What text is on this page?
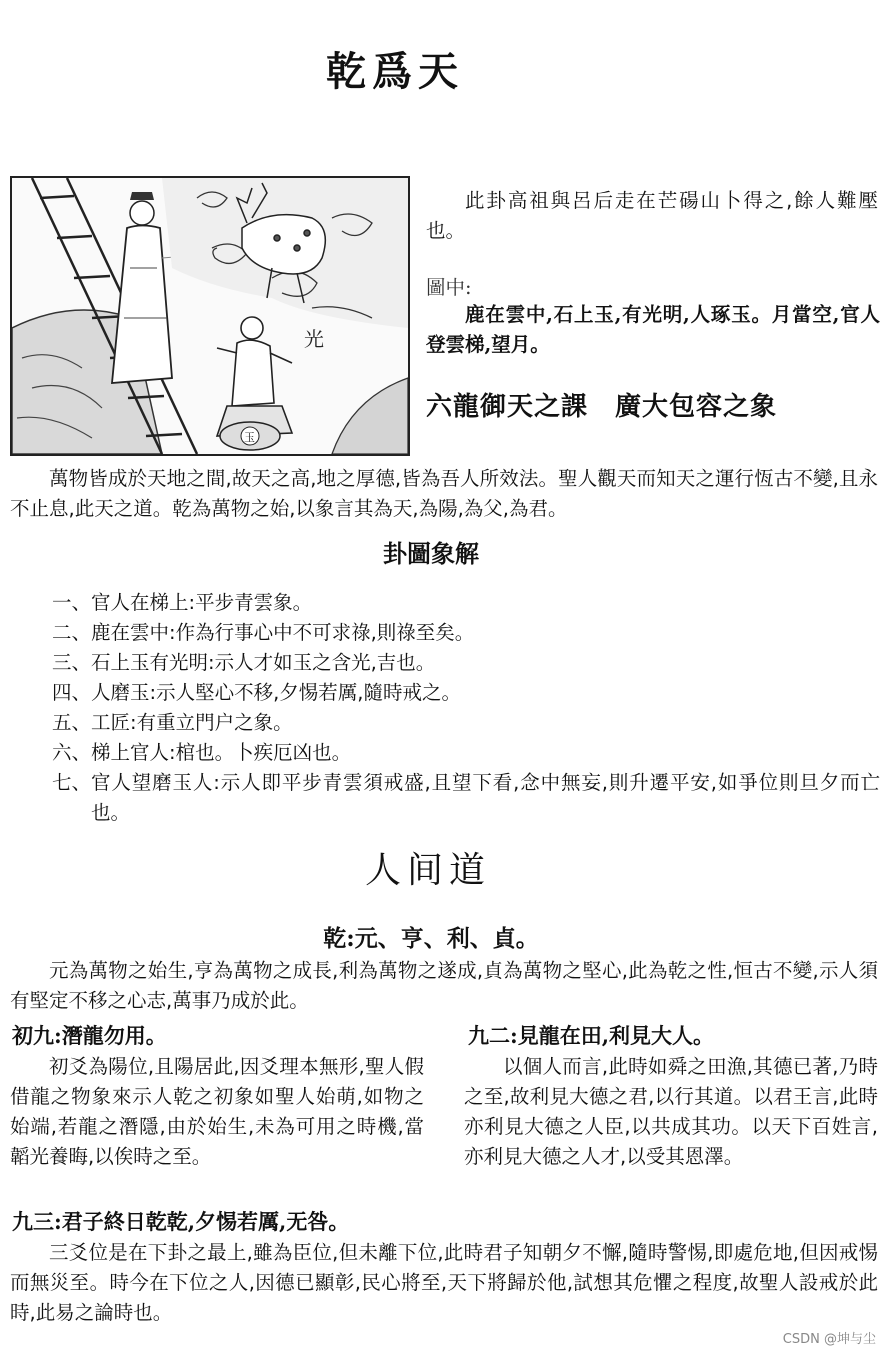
乾爲天
光
玉
此卦高祖與呂后走在芒碭山卜得之,餘人難壓也。
圖中:
鹿在雲中,石上玉,有光明,人琢玉。月當空,官人登雲梯,望月。
六龍御天之課　廣大包容之象
萬物皆成於天地之間,故天之高,地之厚德,皆為吾人所效法。聖人觀天而知天之運行恆古不變,且永不止息,此天之道。乾為萬物之始,以象言其為天,為陽,為父,為君。
卦圖象解
一、官人在梯上:平步青雲象。
二、鹿在雲中:作為行事心中不可求祿,則祿至矣。
三、石上玉有光明:示人才如玉之含光,吉也。
四、人磨玉:示人堅心不移,夕惕若厲,隨時戒之。
五、工匠:有重立門户之象。
六、梯上官人:棺也。卜疾厄凶也。
七、 官人望磨玉人:示人即平步青雲須戒盛,且望下看,念中無妄,則升遷平安,如爭位則旦夕而亡也。
人间道
乾:元、亨、利、貞。
元為萬物之始生,亨為萬物之成長,利為萬物之遂成,貞為萬物之堅心,此為乾之性,恒古不變,示人須有堅定不移之心志,萬事乃成於此。
初九:潛龍勿用。
初爻為陽位,且陽居此,因爻理本無形,聖人假借龍之物象來示人乾之初象如聖人始萌,如物之始端,若龍之潛隱,由於始生,未為可用之時機,當韜光養晦,以俟時之至。
九二:見龍在田,利見大人。
以個人而言,此時如舜之田漁,其德已著,乃時之至,故利見大德之君,以行其道。以君王言,此時亦利見大德之人臣,以共成其功。以天下百姓言,亦利見大德之人才,以受其恩澤。
九三:君子終日乾乾,夕惕若厲,无咎。
三爻位是在下卦之最上,雖為臣位,但未離下位,此時君子知朝夕不懈,隨時警惕,即處危地,但因戒惕而無災至。時今在下位之人,因德已顯彰,民心將至,天下將歸於他,試想其危懼之程度,故聖人設戒於此時,此易之論時也。
CSDN @坤与尘
